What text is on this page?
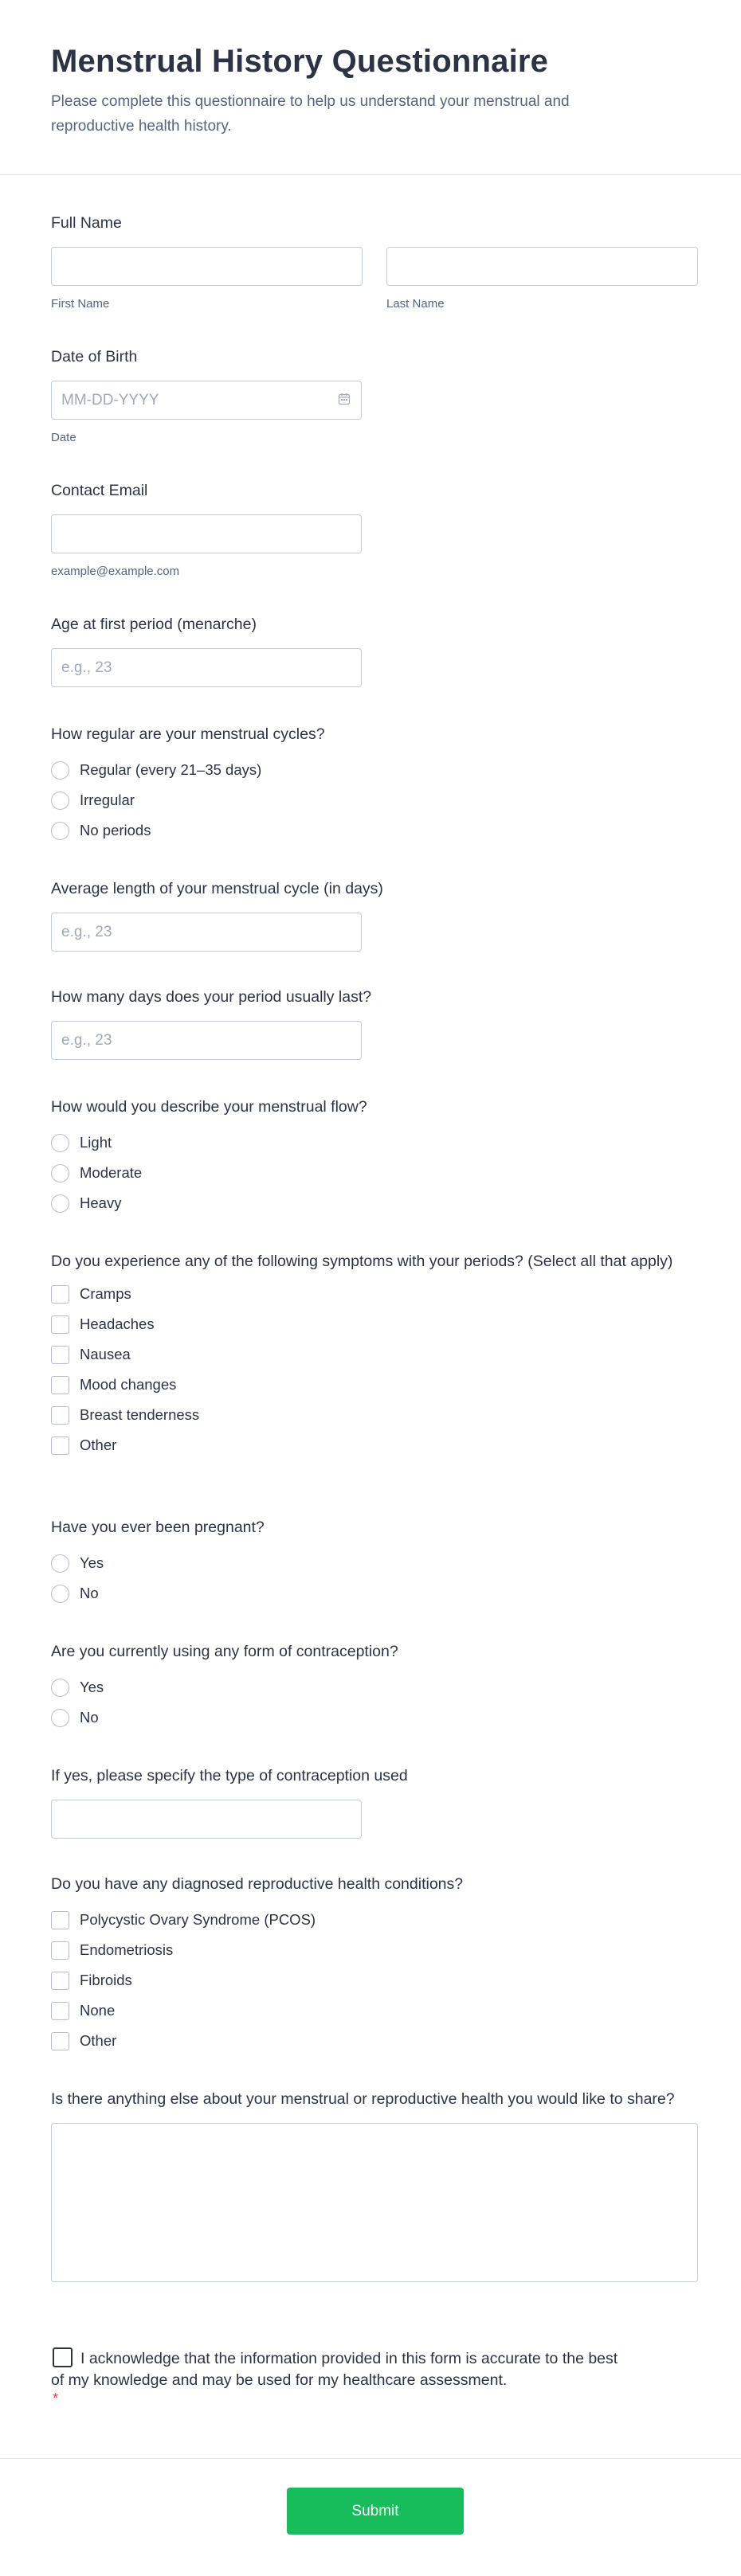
Menstrual History Questionnaire

Please complete this questionnaire to help us understand your menstrual and reproductive health history.

Full Name
First Name	Last Name
Date of Birth
MM-DD-YYYY
Date
Contact Email
example@example.com
Age at first period (menarche)
e.g., 23
How regular are your menstrual cycles?
Regular (every 21–35 days)
Irregular
No periods
Average length of your menstrual cycle (in days)
e.g., 23
How many days does your period usually last?
e.g., 23
How would you describe your menstrual flow?
Light
Moderate
Heavy
Do you experience any of the following symptoms with your periods? (Select all that apply)
Cramps
Headaches
Nausea
Mood changes
Breast tenderness
Other
Have you ever been pregnant?
Yes
No
Are you currently using any form of contraception?
Yes
No
If yes, please specify the type of contraception used
Do you have any diagnosed reproductive health conditions?
Polycystic Ovary Syndrome (PCOS)
Endometriosis
Fibroids
None
Other
Is there anything else about your menstrual or reproductive health you would like to share?
I acknowledge that the information provided in this form is accurate to the best of my knowledge and may be used for my healthcare assessment.
*
Submit
